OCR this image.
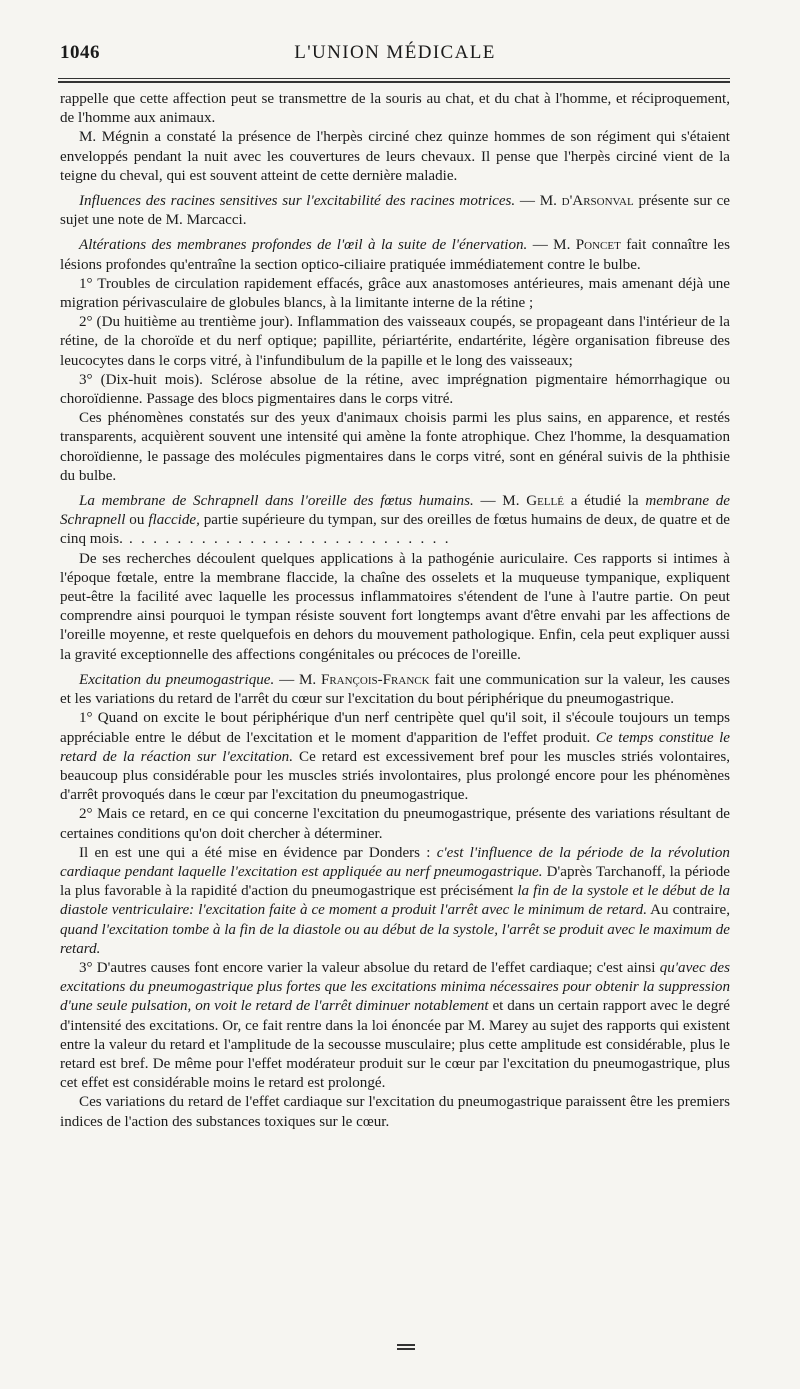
1046	L'UNION MÉDICALE

rappelle que cette affection peut se transmettre de la souris au chat, et du chat à l'homme, et réciproquement, de l'homme aux animaux.

M. Mégnin a constaté la présence de l'herpès circiné chez quinze hommes de son régiment qui s'étaient enveloppés pendant la nuit avec les couvertures de leurs chevaux. Il pense que l'herpès circiné vient de la teigne du cheval, qui est souvent atteint de cette dernière maladie.

Influences des racines sensitives sur l'excitabilité des racines motrices. — M. d'Arsonval présente sur ce sujet une note de M. Marcacci.

Altérations des membranes profondes de l'œil à la suite de l'énervation. — M. Poncet fait connaître les lésions profondes qu'entraîne la section optico-ciliaire pratiquée immédiatement contre le bulbe.

1° Troubles de circulation rapidement effacés, grâce aux anastomoses antérieures, mais amenant déjà une migration périvasculaire de globules blancs, à la limitante interne de la rétine ;

2° (Du huitième au trentième jour). Inflammation des vaisseaux coupés, se propageant dans l'intérieur de la rétine, de la choroïde et du nerf optique; papillite, périartérite, endartérite, légère organisation fibreuse des leucocytes dans le corps vitré, à l'infundibulum de la papille et le long des vaisseaux;

3° (Dix-huit mois). Sclérose absolue de la rétine, avec imprégnation pigmentaire hémorrhagique ou choroïdienne. Passage des blocs pigmentaires dans le corps vitré.

Ces phénomènes constatés sur des yeux d'animaux choisis parmi les plus sains, en apparence, et restés transparents, acquièrent souvent une intensité qui amène la fonte atrophique. Chez l'homme, la desquamation choroïdienne, le passage des molécules pigmentaires dans le corps vitré, sont en général suivis de la phthisie du bulbe.

La membrane de Schrapnell dans l'oreille des fœtus humains. — M. Gellé a étudié la membrane de Schrapnell ou flaccide, partie supérieure du tympan, sur des oreilles de fœtus humains de deux, de quatre et de cinq mois. . . . . . . . . . . . . . . . . . . . . . . . . . . .

De ses recherches découlent quelques applications à la pathogénie auriculaire. Ces rapports si intimes à l'époque fœtale, entre la membrane flaccide, la chaîne des osselets et la muqueuse tympanique, expliquent peut-être la facilité avec laquelle les processus inflammatoires s'étendent de l'une à l'autre partie. On peut comprendre ainsi pourquoi le tympan résiste souvent fort longtemps avant d'être envahi par les affections de l'oreille moyenne, et reste quelquefois en dehors du mouvement pathologique. Enfin, cela peut expliquer aussi la gravité exceptionnelle des affections congénitales ou précoces de l'oreille.

Excitation du pneumogastrique. — M. François-Franck fait une communication sur la valeur, les causes et les variations du retard de l'arrêt du cœur sur l'excitation du bout périphérique du pneumogastrique.

1° Quand on excite le bout périphérique d'un nerf centripète quel qu'il soit, il s'écoule toujours un temps appréciable entre le début de l'excitation et le moment d'apparition de l'effet produit. Ce temps constitue le retard de la réaction sur l'excitation. Ce retard est excessivement bref pour les muscles striés volontaires, beaucoup plus considérable pour les muscles striés involontaires, plus prolongé encore pour les phénomènes d'arrêt provoqués dans le cœur par l'excitation du pneumogastrique.

2° Mais ce retard, en ce qui concerne l'excitation du pneumogastrique, présente des variations résultant de certaines conditions qu'on doit chercher à déterminer.

Il en est une qui a été mise en évidence par Donders : c'est l'influence de la période de la révolution cardiaque pendant laquelle l'excitation est appliquée au nerf pneumogastrique. D'après Tarchanoff, la période la plus favorable à la rapidité d'action du pneumogastrique est précisément la fin de la systole et le début de la diastole ventriculaire: l'excitation faite à ce moment a produit l'arrêt avec le minimum de retard. Au contraire, quand l'excitation tombe à la fin de la diastole ou au début de la systole, l'arrêt se produit avec le maximum de retard.

3° D'autres causes font encore varier la valeur absolue du retard de l'effet cardiaque; c'est ainsi qu'avec des excitations du pneumogastrique plus fortes que les excitations minima nécessaires pour obtenir la suppression d'une seule pulsation, on voit le retard de l'arrêt diminuer notablement et dans un certain rapport avec le degré d'intensité des excitations. Or, ce fait rentre dans la loi énoncée par M. Marey au sujet des rapports qui existent entre la valeur du retard et l'amplitude de la secousse musculaire; plus cette amplitude est considérable, plus le retard est bref. De même pour l'effet modérateur produit sur le cœur par l'excitation du pneumogastrique, plus cet effet est considérable moins le retard est prolongé.

Ces variations du retard de l'effet cardiaque sur l'excitation du pneumogastrique paraissent être les premiers indices de l'action des substances toxiques sur le cœur.
